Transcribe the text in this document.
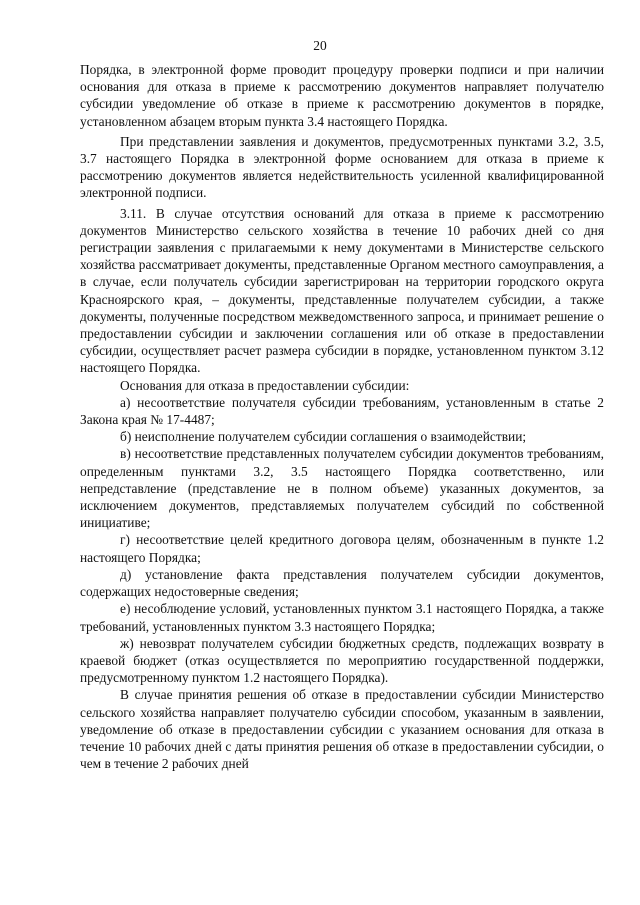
20

Порядка, в электронной форме проводит процедуру проверки подписи и при наличии основания для отказа в приеме к рассмотрению документов направляет получателю субсидии уведомление об отказе в приеме к рассмотрению документов в порядке, установленном абзацем вторым пункта 3.4 настоящего Порядка.

При представлении заявления и документов, предусмотренных пунктами 3.2, 3.5, 3.7 настоящего Порядка в электронной форме основанием для отказа в приеме к рассмотрению документов является недействительность усиленной квалифицированной электронной подписи.

3.11. В случае отсутствия оснований для отказа в приеме к рассмотрению документов Министерство сельского хозяйства в течение 10 рабочих дней со дня регистрации заявления с прилагаемыми к нему документами в Министерстве сельского хозяйства рассматривает документы, представленные Органом местного самоуправления, а в случае, если получатель субсидии зарегистрирован на территории городского округа Красноярского края, – документы, представленные получателем субсидии, а также документы, полученные посредством межведомственного запроса, и принимает решение о предоставлении субсидии и заключении соглашения или об отказе в предоставлении субсидии, осуществляет расчет размера субсидии в порядке, установленном пунктом 3.12 настоящего Порядка.

Основания для отказа в предоставлении субсидии:

а) несоответствие получателя субсидии требованиям, установленным в статье 2 Закона края № 17-4487;

б) неисполнение получателем субсидии соглашения о взаимодействии;

в) несоответствие представленных получателем субсидии документов требованиям, определенным пунктами 3.2, 3.5 настоящего Порядка соответственно, или непредставление (представление не в полном объеме) указанных документов, за исключением документов, представляемых получателем субсидий по собственной инициативе;

г) несоответствие целей кредитного договора целям, обозначенным в пункте 1.2 настоящего Порядка;

д) установление факта представления получателем субсидии документов, содержащих недостоверные сведения;

е) несоблюдение условий, установленных пунктом 3.1 настоящего Порядка, а также требований, установленных пунктом 3.3 настоящего Порядка;

ж) невозврат получателем субсидии бюджетных средств, подлежащих возврату в краевой бюджет (отказ осуществляется по мероприятию государственной поддержки, предусмотренному пунктом 1.2 настоящего Порядка).

В случае принятия решения об отказе в предоставлении субсидии Министерство сельского хозяйства направляет получателю субсидии способом, указанным в заявлении, уведомление об отказе в предоставлении субсидии с указанием основания для отказа в течение 10 рабочих дней с даты принятия решения об отказе в предоставлении субсидии, о чем в течение 2 рабочих дней
